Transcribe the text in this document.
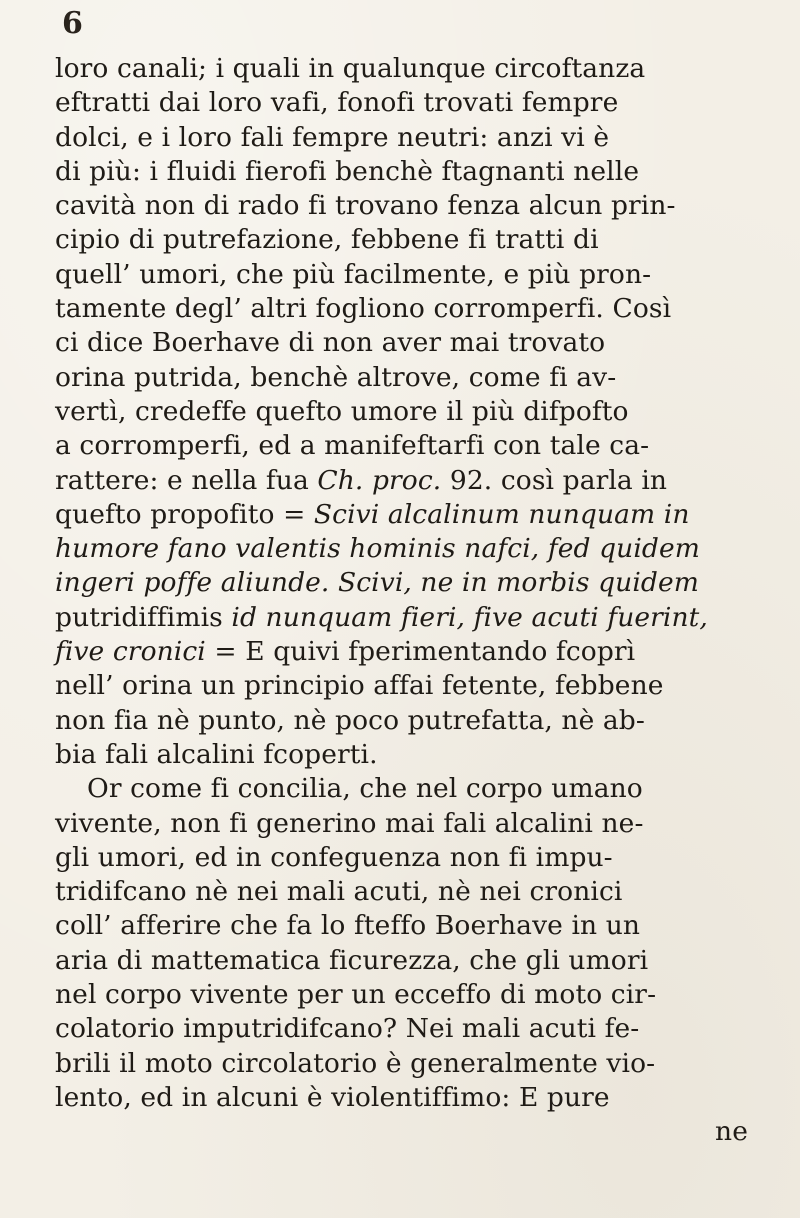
6
loro canali; i quali in qualunque circoftanza
eftratti dai loro vafi, fonofi trovati fempre
dolci, e i loro fali fempre neutri: anzi vi è
di più: i fluidi fierofi benchè ftagnanti nelle
cavità non di rado fi trovano fenza alcun prin-
cipio di putrefazione, febbene fi tratti di
quell’ umori, che più facilmente, e più pron-
tamente degl’ altri fogliono corromperfi. Così
ci dice Boerhave di non aver mai trovato
orina putrida, benchè altrove, come fi av-
vertì, credeffe quefto umore il più difpofto
a corromperfi, ed a manifeftarfi con tale ca-
rattere: e nella fua Ch. proc. 92. così parla in
quefto propofito = Scivi alcalinum nunquam in
humore fano valentis hominis nafci, fed quidem
ingeri poffe aliunde. Scivi, ne in morbis quidem
putridiffimis id nunquam fieri, five acuti fuerint,
five cronici = E quivi fperimentando fcoprì
nell’ orina un principio affai fetente, febbene
non fia nè punto, nè poco putrefatta, nè ab-
bia fali alcalini fcoperti.
Or come fi concilia, che nel corpo umano
vivente, non fi generino mai fali alcalini ne-
gli umori, ed in confeguenza non fi impu-
tridifcano nè nei mali acuti, nè nei cronici
coll’ afferire che fa lo fteffo Boerhave in un
aria di mattematica ficurezza, che gli umori
nel corpo vivente per un ecceffo di moto cir-
colatorio imputridifcano? Nei mali acuti fe-
brili il moto circolatorio è generalmente vio-
lento, ed in alcuni è violentiffimo: E pure
ne
